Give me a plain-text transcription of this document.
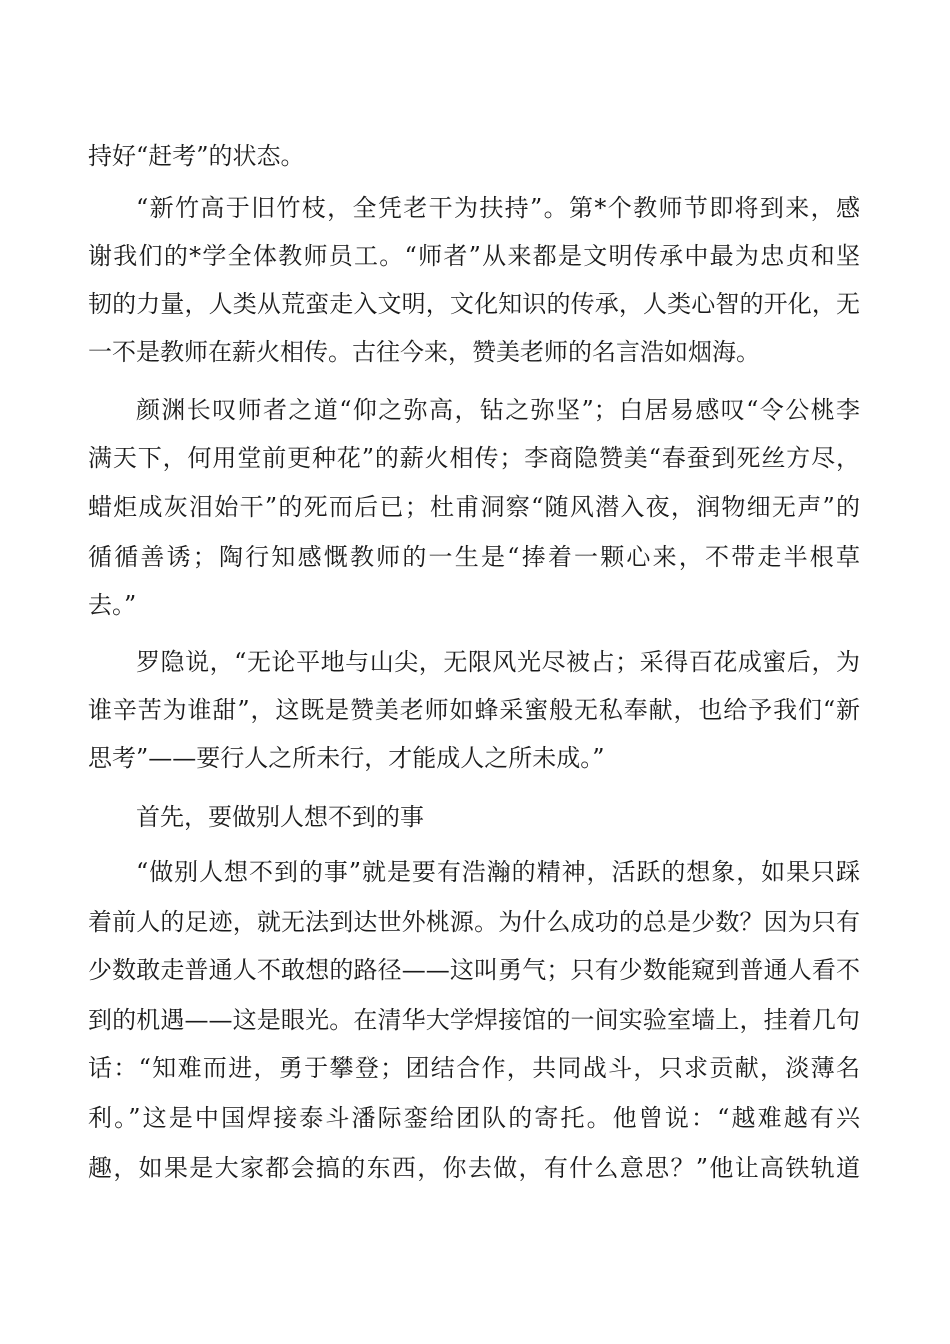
持好“赶考”的状态。
“新竹高于旧竹枝，全凭老干为扶持”。第*个教师节即将到来，感
谢我们的*学全体教师员工。“师者”从来都是文明传承中最为忠贞和坚
韧的力量，人类从荒蛮走入文明，文化知识的传承，人类心智的开化，无
一不是教师在薪火相传。古往今来，赞美老师的名言浩如烟海。
颜渊长叹师者之道“仰之弥高，钻之弥坚”；白居易感叹“令公桃李
满天下，何用堂前更种花”的薪火相传；李商隐赞美“春蚕到死丝方尽，
蜡炬成灰泪始干”的死而后已；杜甫洞察“随风潜入夜，润物细无声”的
循循善诱；陶行知感慨教师的一生是“捧着一颗心来，不带走半根草
去。”
罗隐说，“无论平地与山尖，无限风光尽被占；采得百花成蜜后，为
谁辛苦为谁甜”，这既是赞美老师如蜂采蜜般无私奉献，也给予我们“新
思考”——要行人之所未行，才能成人之所未成。”
首先，要做别人想不到的事
“做别人想不到的事”就是要有浩瀚的精神，活跃的想象，如果只踩
着前人的足迹，就无法到达世外桃源。为什么成功的总是少数？因为只有
少数敢走普通人不敢想的路径——这叫勇气；只有少数能窥到普通人看不
到的机遇——这是眼光。在清华大学焊接馆的一间实验室墙上，挂着几句
话：“知难而进，勇于攀登；团结合作，共同战斗，只求贡献，淡薄名
利。”这是中国焊接泰斗潘际銮给团队的寄托。他曾说：“越难越有兴
趣，如果是大家都会搞的东西，你去做，有什么意思？”他让高铁轨道
